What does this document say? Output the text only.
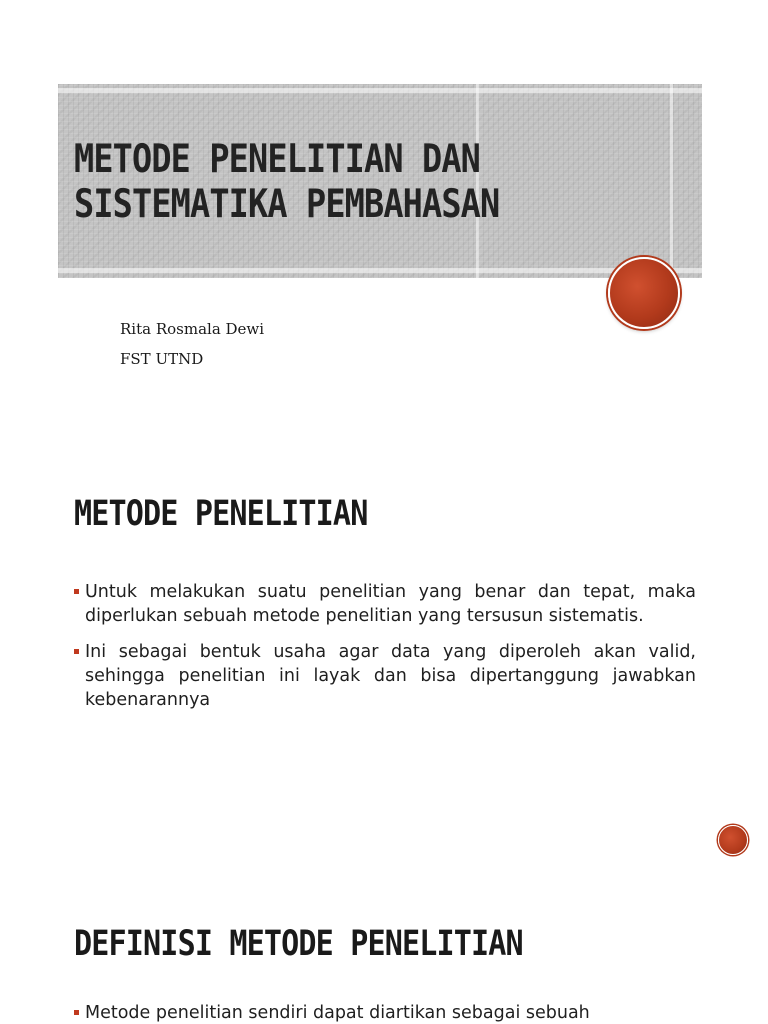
METODE PENELITIAN DAN
SISTEMATIKA PEMBAHASAN
Rita Rosmala Dewi
FST UTND
METODE PENELITIAN
Untuk melakukan suatu penelitian yang benar dan tepat, maka diperlukan sebuah metode penelitian yang tersusun sistematis.
Ini sebagai bentuk usaha agar data yang diperoleh akan valid, sehingga penelitian ini layak dan bisa dipertanggung jawabkan kebenarannya
DEFINISI METODE PENELITIAN
Metode penelitian sendiri dapat diartikan sebagai sebuah
